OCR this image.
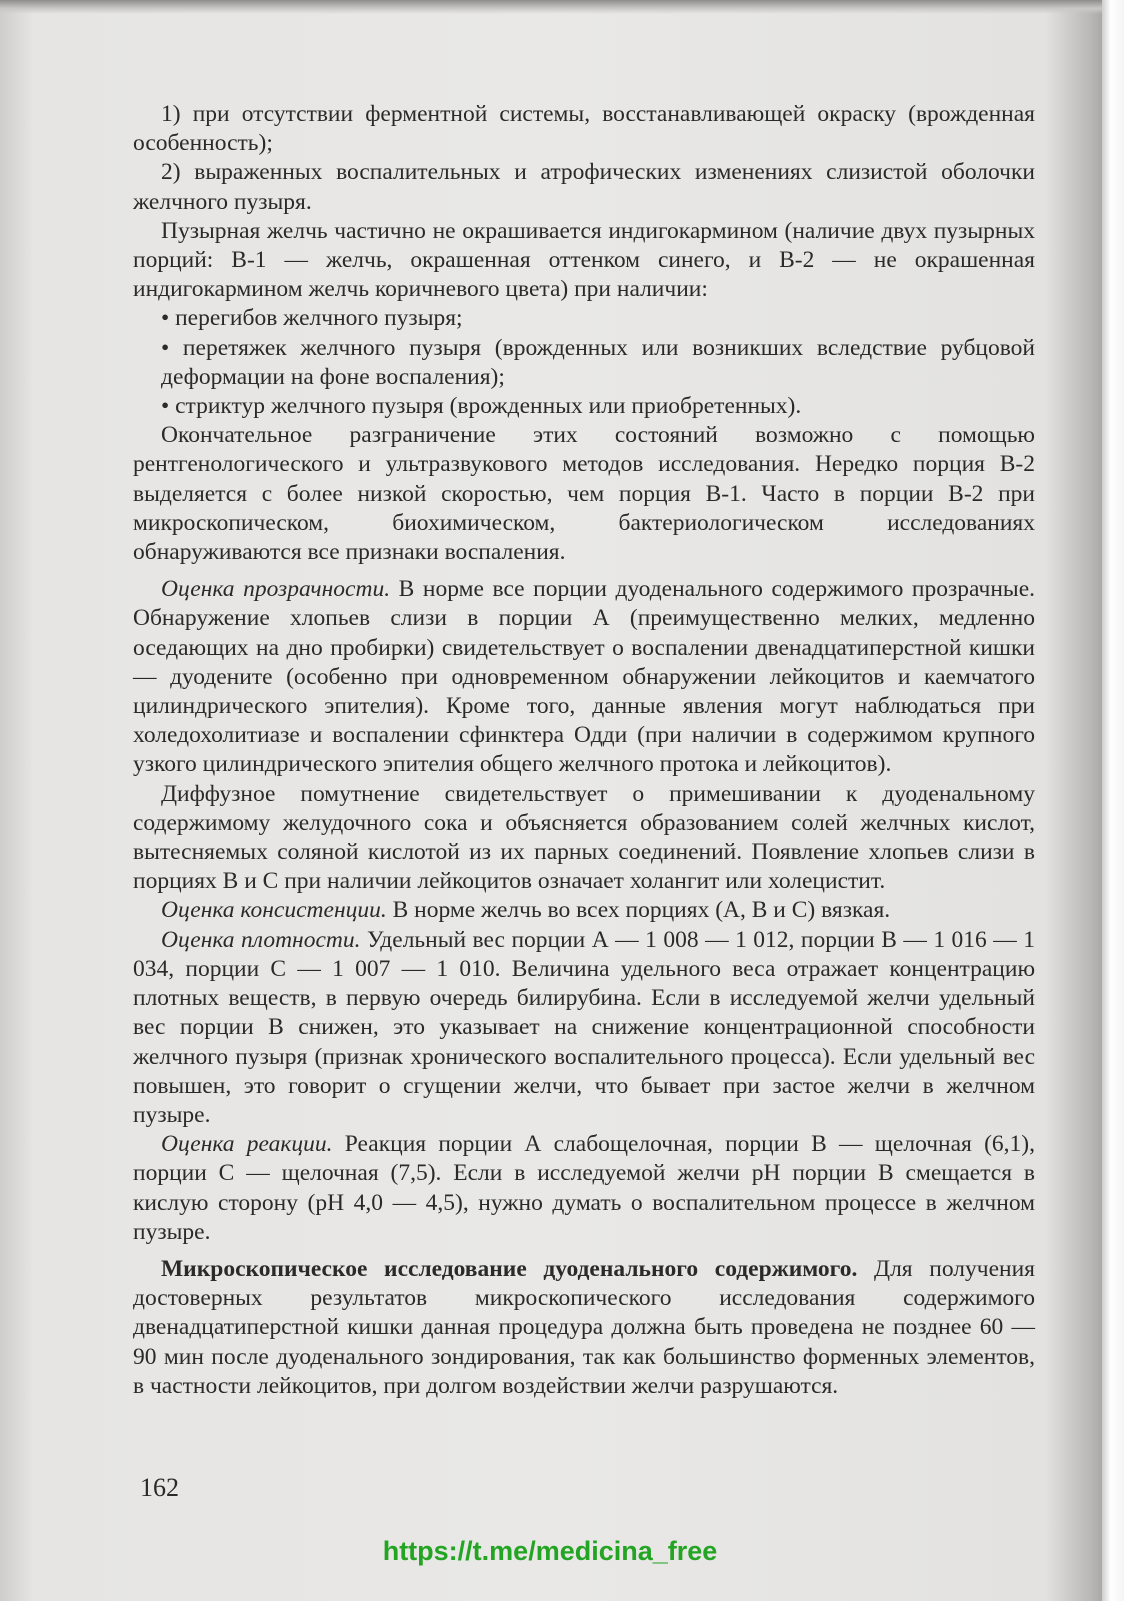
1) при отсутствии ферментной системы, восстанавливающей окраску (врожденная особенность);

2) выраженных воспалительных и атрофических изменениях слизистой оболочки желчного пузыря.

Пузырная желчь частично не окрашивается индигокармином (наличие двух пузырных порций: В-1 — желчь, окрашенная оттенком синего, и В-2 — не окрашенная индигокармином желчь коричневого цвета) при наличии:

• перегибов желчного пузыря;

• перетяжек желчного пузыря (врожденных или возникших вследствие рубцовой деформации на фоне воспаления);

• стриктур желчного пузыря (врожденных или приобретенных).

Окончательное разграничение этих состояний возможно с помощью рентгенологического и ультразвукового методов исследования. Нередко порция В-2 выделяется с более низкой скоростью, чем порция В-1. Часто в порции В-2 при микроскопическом, биохимическом, бактериологическом исследованиях обнаруживаются все признаки воспаления.

Оценка прозрачности. В норме все порции дуоденального содержимого прозрачные. Обнаружение хлопьев слизи в порции А (преимущественно мелких, медленно оседающих на дно пробирки) свидетельствует о воспалении двенадцатиперстной кишки — дуодените (особенно при одновременном обнаружении лейкоцитов и каемчатого цилиндрического эпителия). Кроме того, данные явления могут наблюдаться при холедохолитиазе и воспалении сфинктера Одди (при наличии в содержимом крупного узкого цилиндрического эпителия общего желчного протока и лейкоцитов).

Диффузное помутнение свидетельствует о примешивании к дуоденальному содержимому желудочного сока и объясняется образованием солей желчных кислот, вытесняемых соляной кислотой из их парных соединений. Появление хлопьев слизи в порциях В и С при наличии лейкоцитов означает холангит или холецистит.

Оценка консистенции. В норме желчь во всех порциях (А, В и С) вязкая.

Оценка плотности. Удельный вес порции А — 1 008 — 1 012, порции В — 1 016 — 1 034, порции С — 1 007 — 1 010. Величина удельного веса отражает концентрацию плотных веществ, в первую очередь билирубина. Если в исследуемой желчи удельный вес порции В снижен, это указывает на снижение концентрационной способности желчного пузыря (признак хронического воспалительного процесса). Если удельный вес повышен, это говорит о сгущении желчи, что бывает при застое желчи в желчном пузыре.

Оценка реакции. Реакция порции А слабощелочная, порции В — щелочная (6,1), порции С — щелочная (7,5). Если в исследуемой желчи pH порции В смещается в кислую сторону (pH 4,0 — 4,5), нужно думать о воспалительном процессе в желчном пузыре.

Микроскопическое исследование дуоденального содержимого. Для получения достоверных результатов микроскопического исследования содержимого двенадцатиперстной кишки данная процедура должна быть проведена не позднее 60 — 90 мин после дуоденального зондирования, так как большинство форменных элементов, в частности лейкоцитов, при долгом воздействии желчи разрушаются.

162
https://t.me/medicina_free
